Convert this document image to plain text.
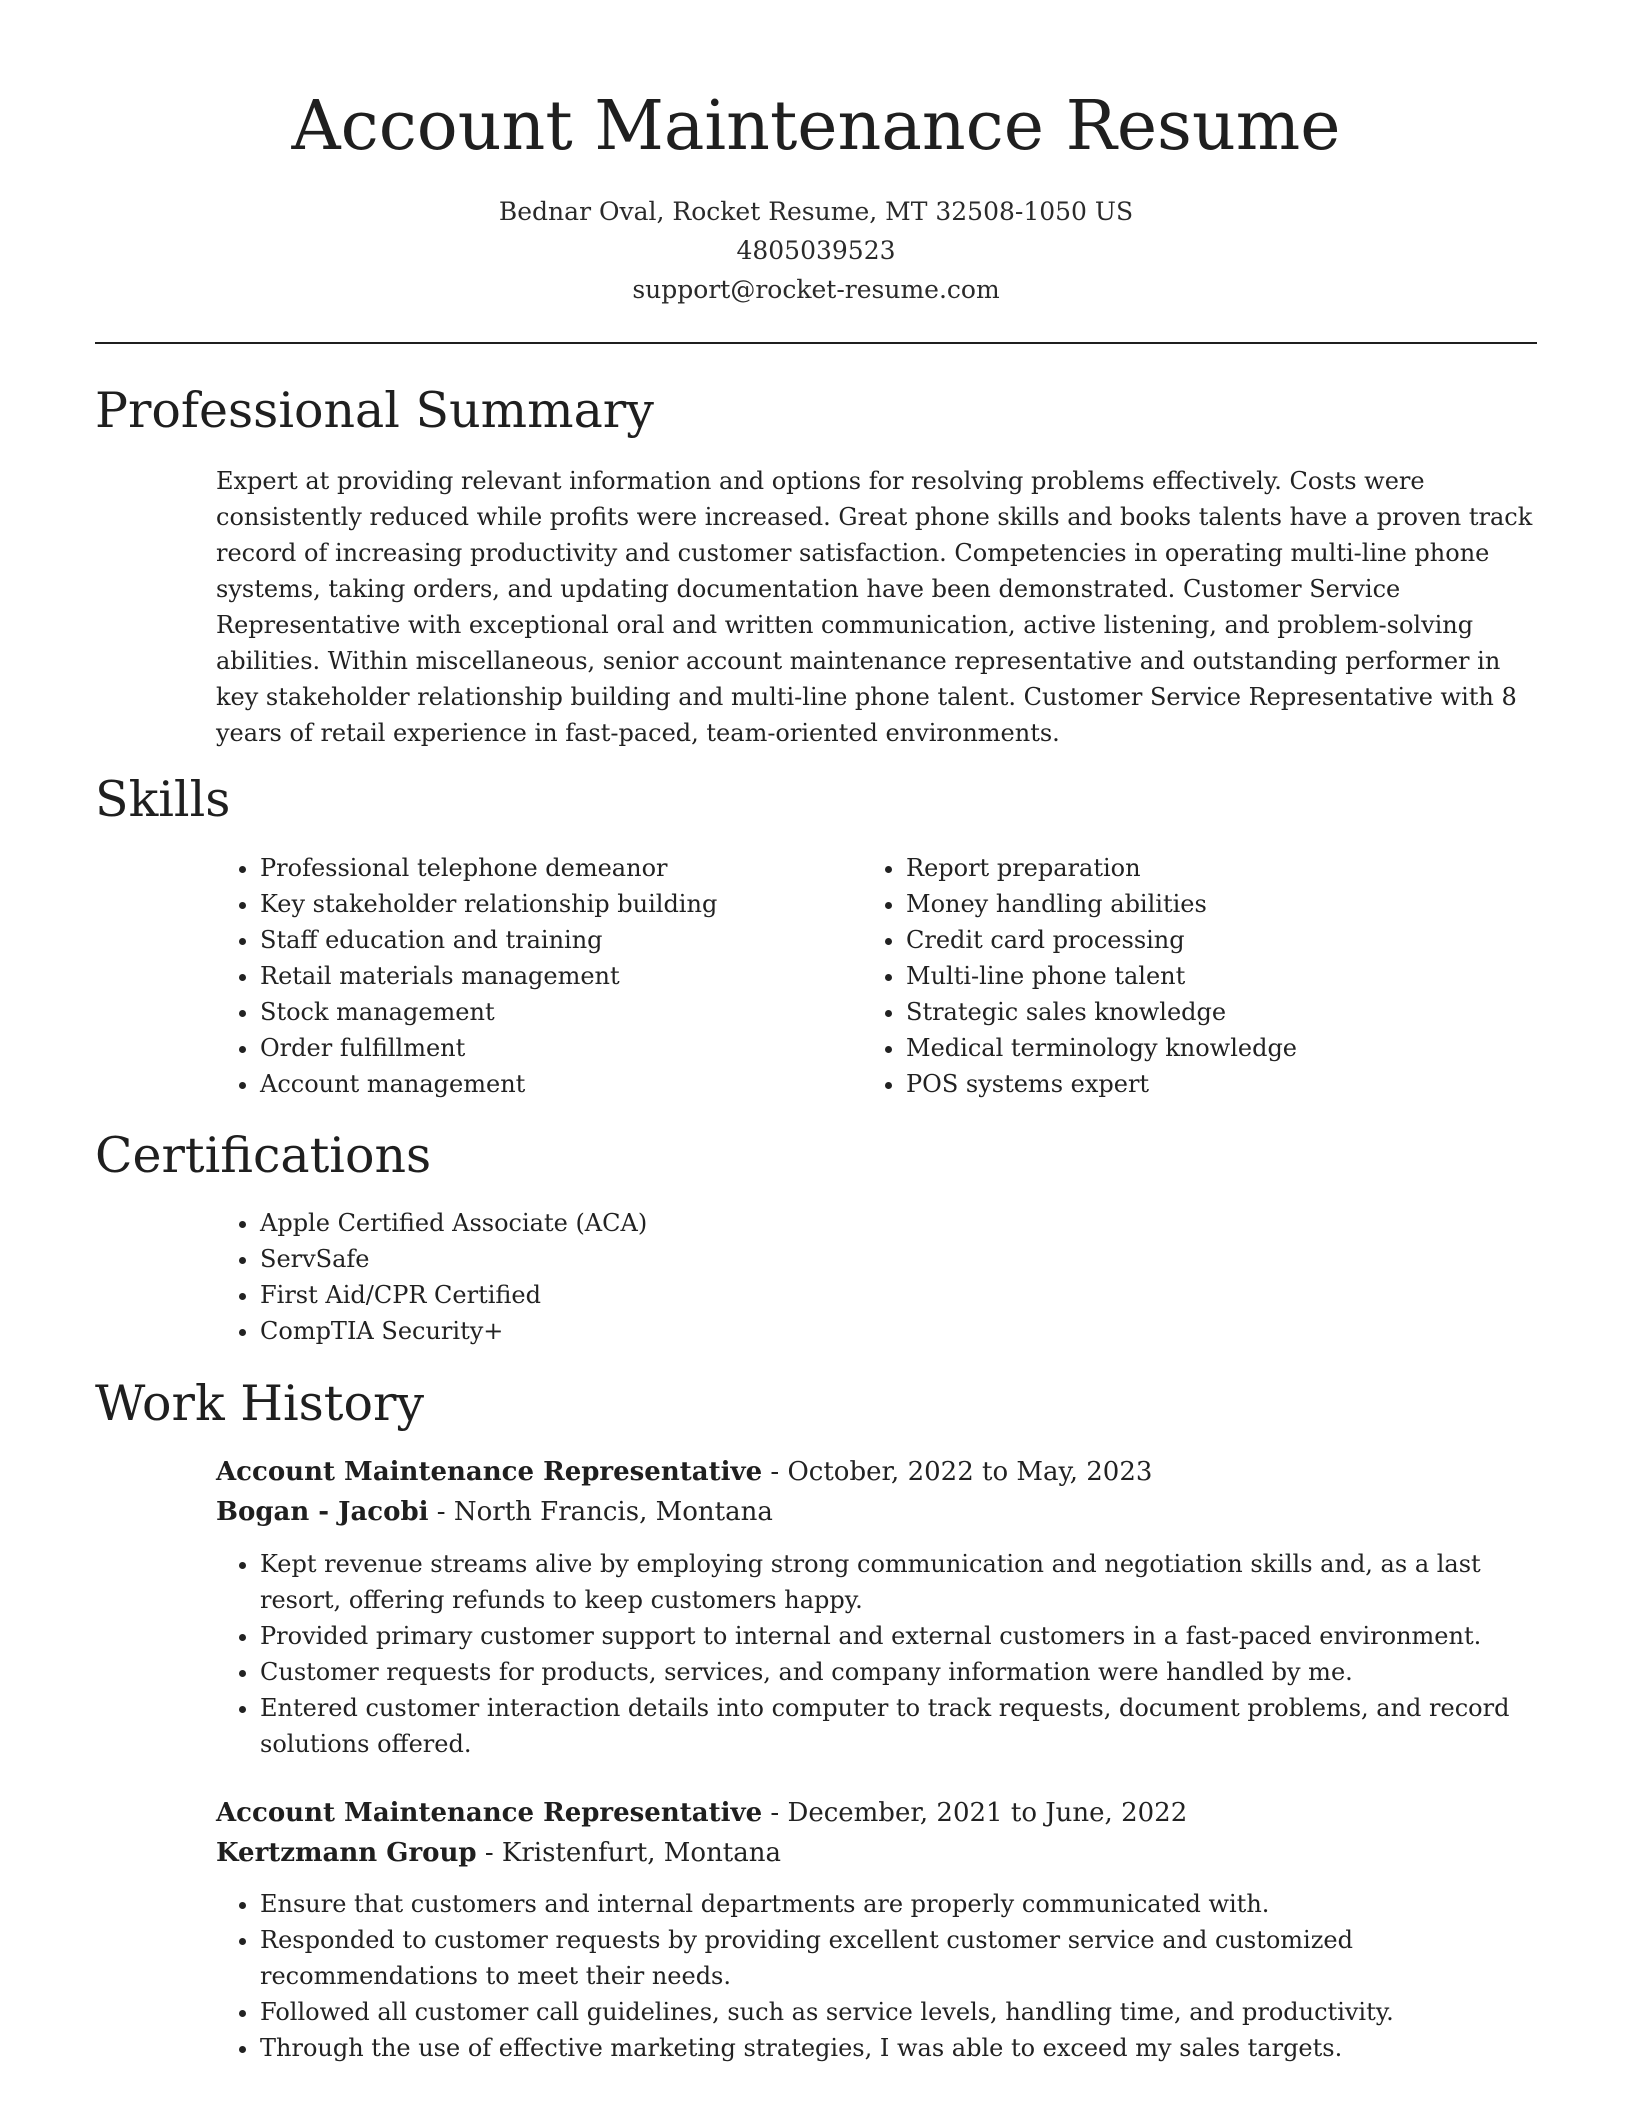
Account Maintenance Resume
Bednar Oval, Rocket Resume, MT 32508-1050 US
4805039523
support@rocket-resume.com
Professional Summary

Expert at providing relevant information and options for resolving problems effectively. Costs were consistently reduced while profits were increased. Great phone skills and books talents have a proven track record of increasing productivity and customer satisfaction. Competencies in operating multi-line phone systems, taking orders, and updating documentation have been demonstrated. Customer Service Representative with exceptional oral and written communication, active listening, and problem-solving abilities. Within miscellaneous, senior account maintenance representative and outstanding performer in key stakeholder relationship building and multi-line phone talent. Customer Service Representative with 8 years of retail experience in fast-paced, team-oriented environments.

Skills
• Professional telephone demeanor
• Key stakeholder relationship building
• Staff education and training
• Retail materials management
• Stock management
• Order fulfillment
• Account management
• Report preparation
• Money handling abilities
• Credit card processing
• Multi-line phone talent
• Strategic sales knowledge
• Medical terminology knowledge
• POS systems expert
Certifications
• Apple Certified Associate (ACA)
• ServSafe
• First Aid/CPR Certified
• CompTIA Security+
Work History
Account Maintenance Representative - October, 2022 to May, 2023
Bogan - Jacobi - North Francis, Montana
• Kept revenue streams alive by employing strong communication and negotiation skills and, as a last resort, offering refunds to keep customers happy.
• Provided primary customer support to internal and external customers in a fast-paced environment.
• Customer requests for products, services, and company information were handled by me.
• Entered customer interaction details into computer to track requests, document problems, and record solutions offered.
Account Maintenance Representative - December, 2021 to June, 2022
Kertzmann Group - Kristenfurt, Montana
• Ensure that customers and internal departments are properly communicated with.
• Responded to customer requests by providing excellent customer service and customized recommendations to meet their needs.
• Followed all customer call guidelines, such as service levels, handling time, and productivity.
• Through the use of effective marketing strategies, I was able to exceed my sales targets.
